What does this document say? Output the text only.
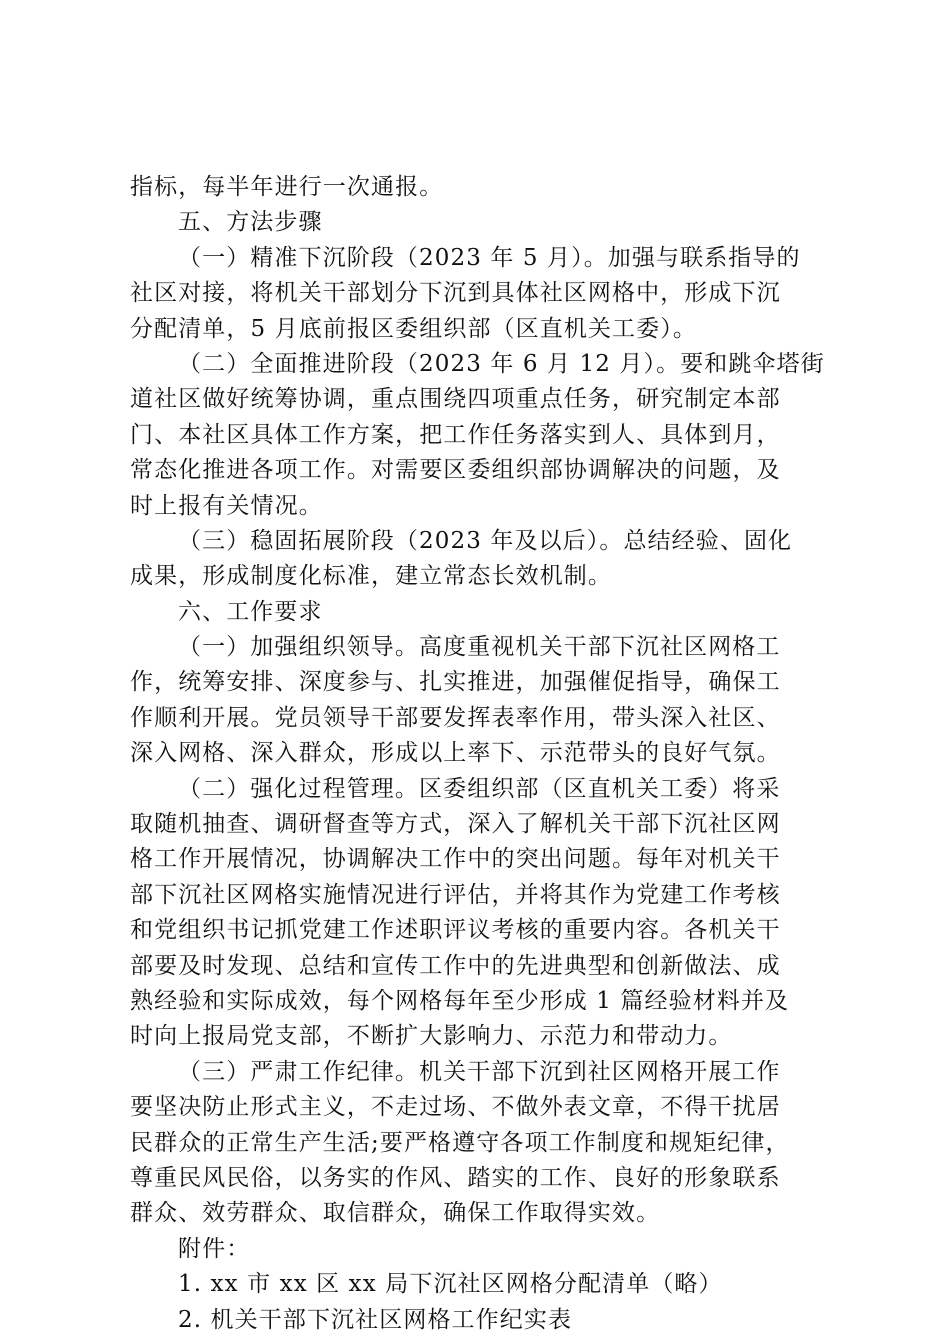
指标，每半年进行一次通报。
五、方法步骤
（一）精准下沉阶段（2023 年 5 月）。加强与联系指导的
社区对接，将机关干部划分下沉到具体社区网格中，形成下沉
分配清单，5 月底前报区委组织部（区直机关工委）。
（二）全面推进阶段（2023 年 6 月 12 月）。要和跳伞塔街
道社区做好统筹协调，重点围绕四项重点任务，研究制定本部
门、本社区具体工作方案，把工作任务落实到人、具体到月，
常态化推进各项工作。对需要区委组织部协调解决的问题，及
时上报有关情况。
（三）稳固拓展阶段（2023 年及以后）。总结经验、固化
成果，形成制度化标准，建立常态长效机制。
六、工作要求
（一）加强组织领导。高度重视机关干部下沉社区网格工
作，统筹安排、深度参与、扎实推进，加强催促指导，确保工
作顺利开展。党员领导干部要发挥表率作用，带头深入社区、
深入网格、深入群众，形成以上率下、示范带头的良好气氛。
（二）强化过程管理。区委组织部（区直机关工委）将采
取随机抽查、调研督查等方式，深入了解机关干部下沉社区网
格工作开展情况，协调解决工作中的突出问题。每年对机关干
部下沉社区网格实施情况进行评估，并将其作为党建工作考核
和党组织书记抓党建工作述职评议考核的重要内容。各机关干
部要及时发现、总结和宣传工作中的先进典型和创新做法、成
熟经验和实际成效，每个网格每年至少形成 1 篇经验材料并及
时向上报局党支部，不断扩大影响力、示范力和带动力。
（三）严肃工作纪律。机关干部下沉到社区网格开展工作
要坚决防止形式主义，不走过场、不做外表文章，不得干扰居
民群众的正常生产生活;要严格遵守各项工作制度和规矩纪律，
尊重民风民俗，以务实的作风、踏实的工作、良好的形象联系
群众、效劳群众、取信群众，确保工作取得实效。
附件：
1. xx 市 xx 区 xx 局下沉社区网格分配清单（略）
2. 机关干部下沉社区网格工作纪实表
